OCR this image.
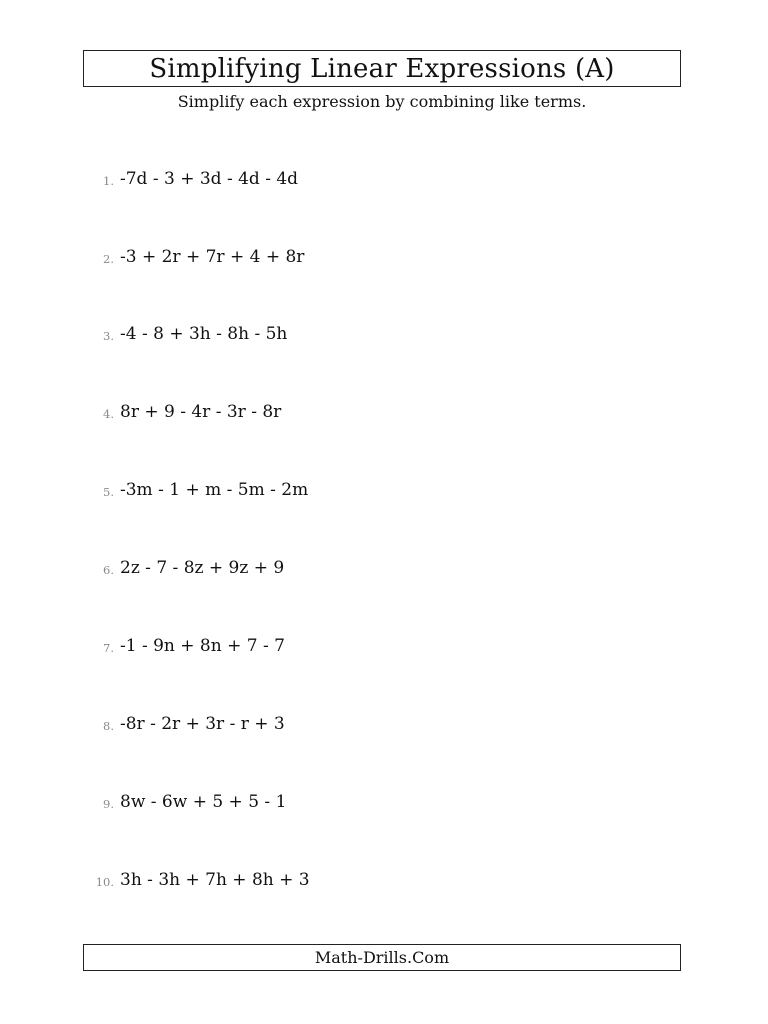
Simplifying Linear Expressions (A)
Simplify each expression by combining like terms.
1. -7d - 3 + 3d - 4d - 4d
2. -3 + 2r + 7r + 4 + 8r
3. -4 - 8 + 3h - 8h - 5h
4. 8r + 9 - 4r - 3r - 8r
5. -3m - 1 + m - 5m - 2m
6. 2z - 7 - 8z + 9z + 9
7. -1 - 9n + 8n + 7 - 7
8. -8r - 2r + 3r - r + 3
9. 8w - 6w + 5 + 5 - 1
10. 3h - 3h + 7h + 8h + 3
Math-Drills.Com
